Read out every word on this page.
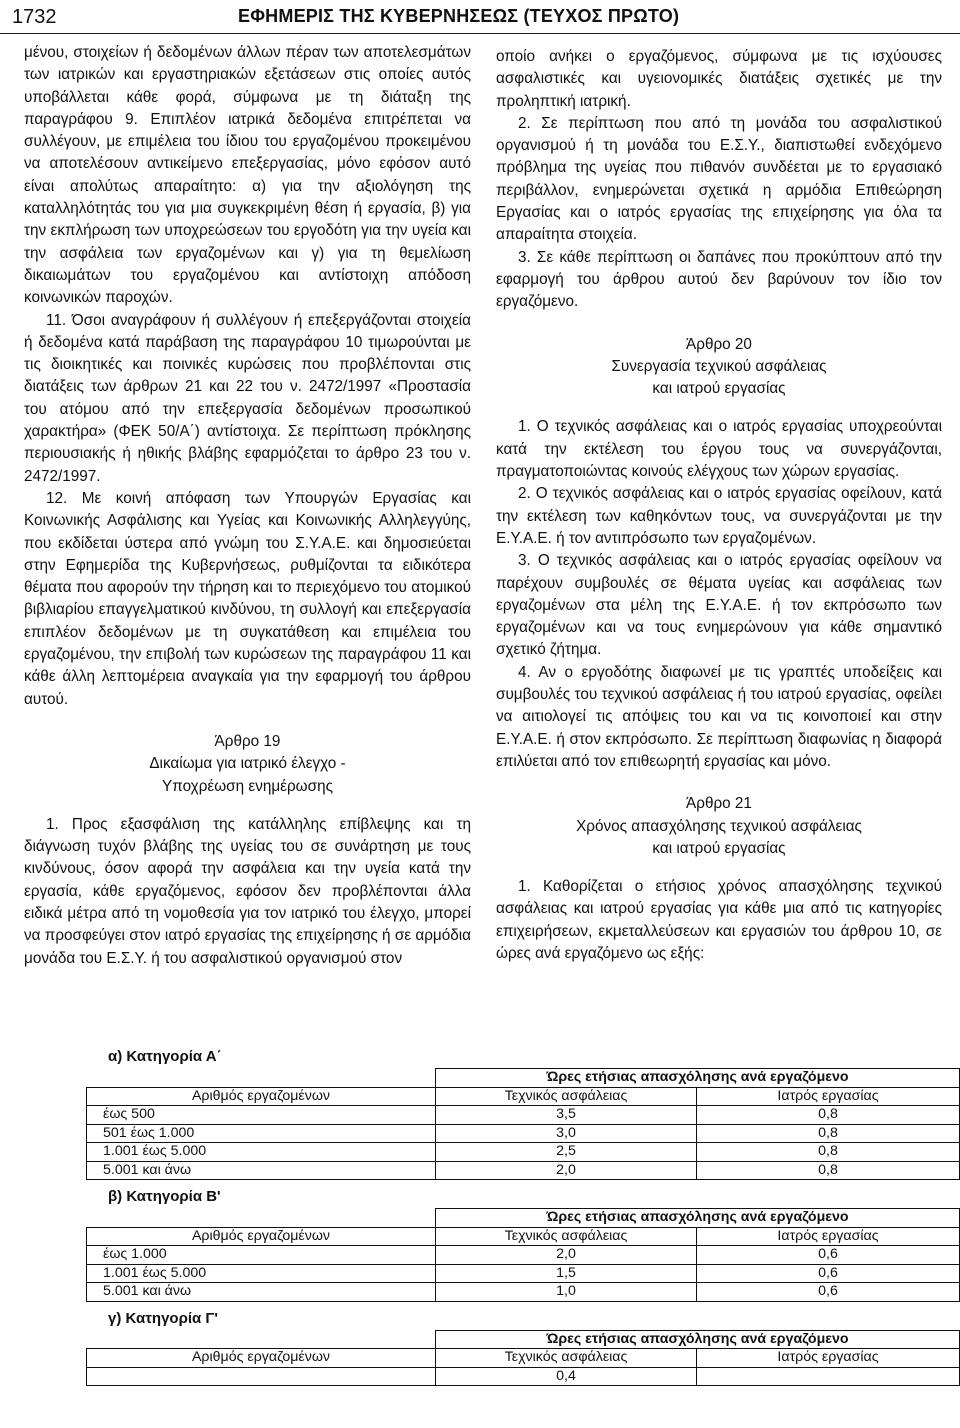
1732	ΕΦΗΜΕΡΙΣ ΤΗΣ ΚΥΒΕΡΝΗΣΕΩΣ (ΤΕΥΧΟΣ ΠΡΩΤΟ)

μένου, στοιχείων ή δεδομένων άλλων πέραν των αποτελεσμάτων των ιατρικών και εργαστηριακών εξετάσεων στις οποίες αυτός υποβάλλεται κάθε φορά, σύμφωνα με τη διάταξη της παραγράφου 9. Επιπλέον ιατρικά δεδομένα επιτρέπεται να συλλέγουν, με επιμέλεια του ίδιου του εργαζομένου προκειμένου να αποτελέσουν αντικείμενο επεξεργασίας, μόνο εφόσον αυτό είναι απολύτως απαραίτητο: α) για την αξιολόγηση της καταλληλότητάς του για μια συγκεκριμένη θέση ή εργασία, β) για την εκπλήρωση των υποχρεώσεων του εργοδότη για την υγεία και την ασφάλεια των εργαζομένων και γ) για τη θεμελίωση δικαιωμάτων του εργαζομένου και αντίστοιχη απόδοση κοινωνικών παροχών.

11. Όσοι αναγράφουν ή συλλέγουν ή επεξεργάζονται στοιχεία ή δεδομένα κατά παράβαση της παραγράφου 10 τιμωρούνται με τις διοικητικές και ποινικές κυρώσεις που προβλέπονται στις διατάξεις των άρθρων 21 και 22 του ν. 2472/1997 «Προστασία του ατόμου από την επεξεργασία δεδομένων προσωπικού χαρακτήρα» (ΦΕΚ 50/Α΄) αντίστοιχα. Σε περίπτωση πρόκλησης περιουσιακής ή ηθικής βλάβης εφαρμόζεται το άρθρο 23 του ν. 2472/1997.

12. Με κοινή απόφαση των Υπουργών Εργασίας και Κοινωνικής Ασφάλισης και Υγείας και Κοινωνικής Αλληλεγγύης, που εκδίδεται ύστερα από γνώμη του Σ.Υ.Α.Ε. και δημοσιεύεται στην Εφημερίδα της Κυβερνήσεως, ρυθμίζονται τα ειδικότερα θέματα που αφορούν την τήρηση και το περιεχόμενο του ατομικού βιβλιαρίου επαγγελματικού κινδύνου, τη συλλογή και επεξεργασία επιπλέον δεδομένων με τη συγκατάθεση και επιμέλεια του εργαζομένου, την επιβολή των κυρώσεων της παραγράφου 11 και κάθε άλλη λεπτομέρεια αναγκαία για την εφαρμογή του άρθρου αυτού.

Άρθρο 19
Δικαίωμα για ιατρικό έλεγχο -
Υποχρέωση ενημέρωσης

1. Προς εξασφάλιση της κατάλληλης επίβλεψης και τη διάγνωση τυχόν βλάβης της υγείας του σε συνάρτηση με τους κινδύνους, όσον αφορά την ασφάλεια και την υγεία κατά την εργασία, κάθε εργαζόμενος, εφόσον δεν προβλέπονται άλλα ειδικά μέτρα από τη νομοθεσία για τον ιατρικό του έλεγχο, μπορεί να προσφεύγει στον ιατρό εργασίας της επιχείρησης ή σε αρμόδια μονάδα του Ε.Σ.Υ. ή του ασφαλιστικού οργανισμού στον

οποίο ανήκει ο εργαζόμενος, σύμφωνα με τις ισχύουσες ασφαλιστικές και υγειονομικές διατάξεις σχετικές με την προληπτική ιατρική.

2. Σε περίπτωση που από τη μονάδα του ασφαλιστικού οργανισμού ή τη μονάδα του Ε.Σ.Υ., διαπιστωθεί ενδεχόμενο πρόβλημα της υγείας που πιθανόν συνδέεται με το εργασιακό περιβάλλον, ενημερώνεται σχετικά η αρμόδια Επιθεώρηση Εργασίας και ο ιατρός εργασίας της επιχείρησης για όλα τα απαραίτητα στοιχεία.

3. Σε κάθε περίπτωση οι δαπάνες που προκύπτουν από την εφαρμογή του άρθρου αυτού δεν βαρύνουν τον ίδιο τον εργαζόμενο.

Άρθρο 20
Συνεργασία τεχνικού ασφάλειας
και ιατρού εργασίας

1. Ο τεχνικός ασφάλειας και ο ιατρός εργασίας υποχρεούνται κατά την εκτέλεση του έργου τους να συνεργάζονται, πραγματοποιώντας κοινούς ελέγχους των χώρων εργασίας.

2. Ο τεχνικός ασφάλειας και ο ιατρός εργασίας οφείλουν, κατά την εκτέλεση των καθηκόντων τους, να συνεργάζονται με την Ε.Υ.Α.Ε. ή τον αντιπρόσωπο των εργαζομένων.

3. Ο τεχνικός ασφάλειας και ο ιατρός εργασίας οφείλουν να παρέχουν συμβουλές σε θέματα υγείας και ασφάλειας των εργαζομένων στα μέλη της Ε.Υ.Α.Ε. ή τον εκπρόσωπο των εργαζομένων και να τους ενημερώνουν για κάθε σημαντικό σχετικό ζήτημα.

4. Αν ο εργοδότης διαφωνεί με τις γραπτές υποδείξεις και συμβουλές του τεχνικού ασφάλειας ή του ιατρού εργασίας, οφείλει να αιτιολογεί τις απόψεις του και να τις κοινοποιεί και στην Ε.Υ.Α.Ε. ή στον εκπρόσωπο. Σε περίπτωση διαφωνίας η διαφορά επιλύεται από τον επιθεωρητή εργασίας και μόνο.

Άρθρο 21
Χρόνος απασχόλησης τεχνικού ασφάλειας
και ιατρού εργασίας

1. Καθορίζεται ο ετήσιος χρόνος απασχόλησης τεχνικού ασφάλειας και ιατρού εργασίας για κάθε μια από τις κατηγορίες επιχειρήσεων, εκμεταλλεύσεων και εργασιών του άρθρου 10, σε ώρες ανά εργαζόμενο ως εξής:

α) Κατηγορία Α΄
	Ώρες ετήσιας απασχόλησης ανά εργαζόμενο	
Αριθμός εργαζομένων	Τεχνικός ασφάλειας	Ιατρός εργασίας
έως 500	3,5	0,8
501 έως 1.000	3,0	0,8
1.001 έως 5.000	2,5	0,8
5.001 και άνω	2,0	0,8
β) Κατηγορία Β'
	Ώρες ετήσιας απασχόλησης ανά εργαζόμενο	
Αριθμός εργαζομένων	Τεχνικός ασφάλειας	Ιατρός εργασίας
έως 1.000	2,0	0,6
1.001 έως 5.000	1,5	0,6
5.001 και άνω	1,0	0,6
γ) Κατηγορία Γ'
	Ώρες ετήσιας απασχόλησης ανά εργαζόμενο	
Αριθμός εργαζομένων	Τεχνικός ασφάλειας	Ιατρός εργασίας
	0,4	
